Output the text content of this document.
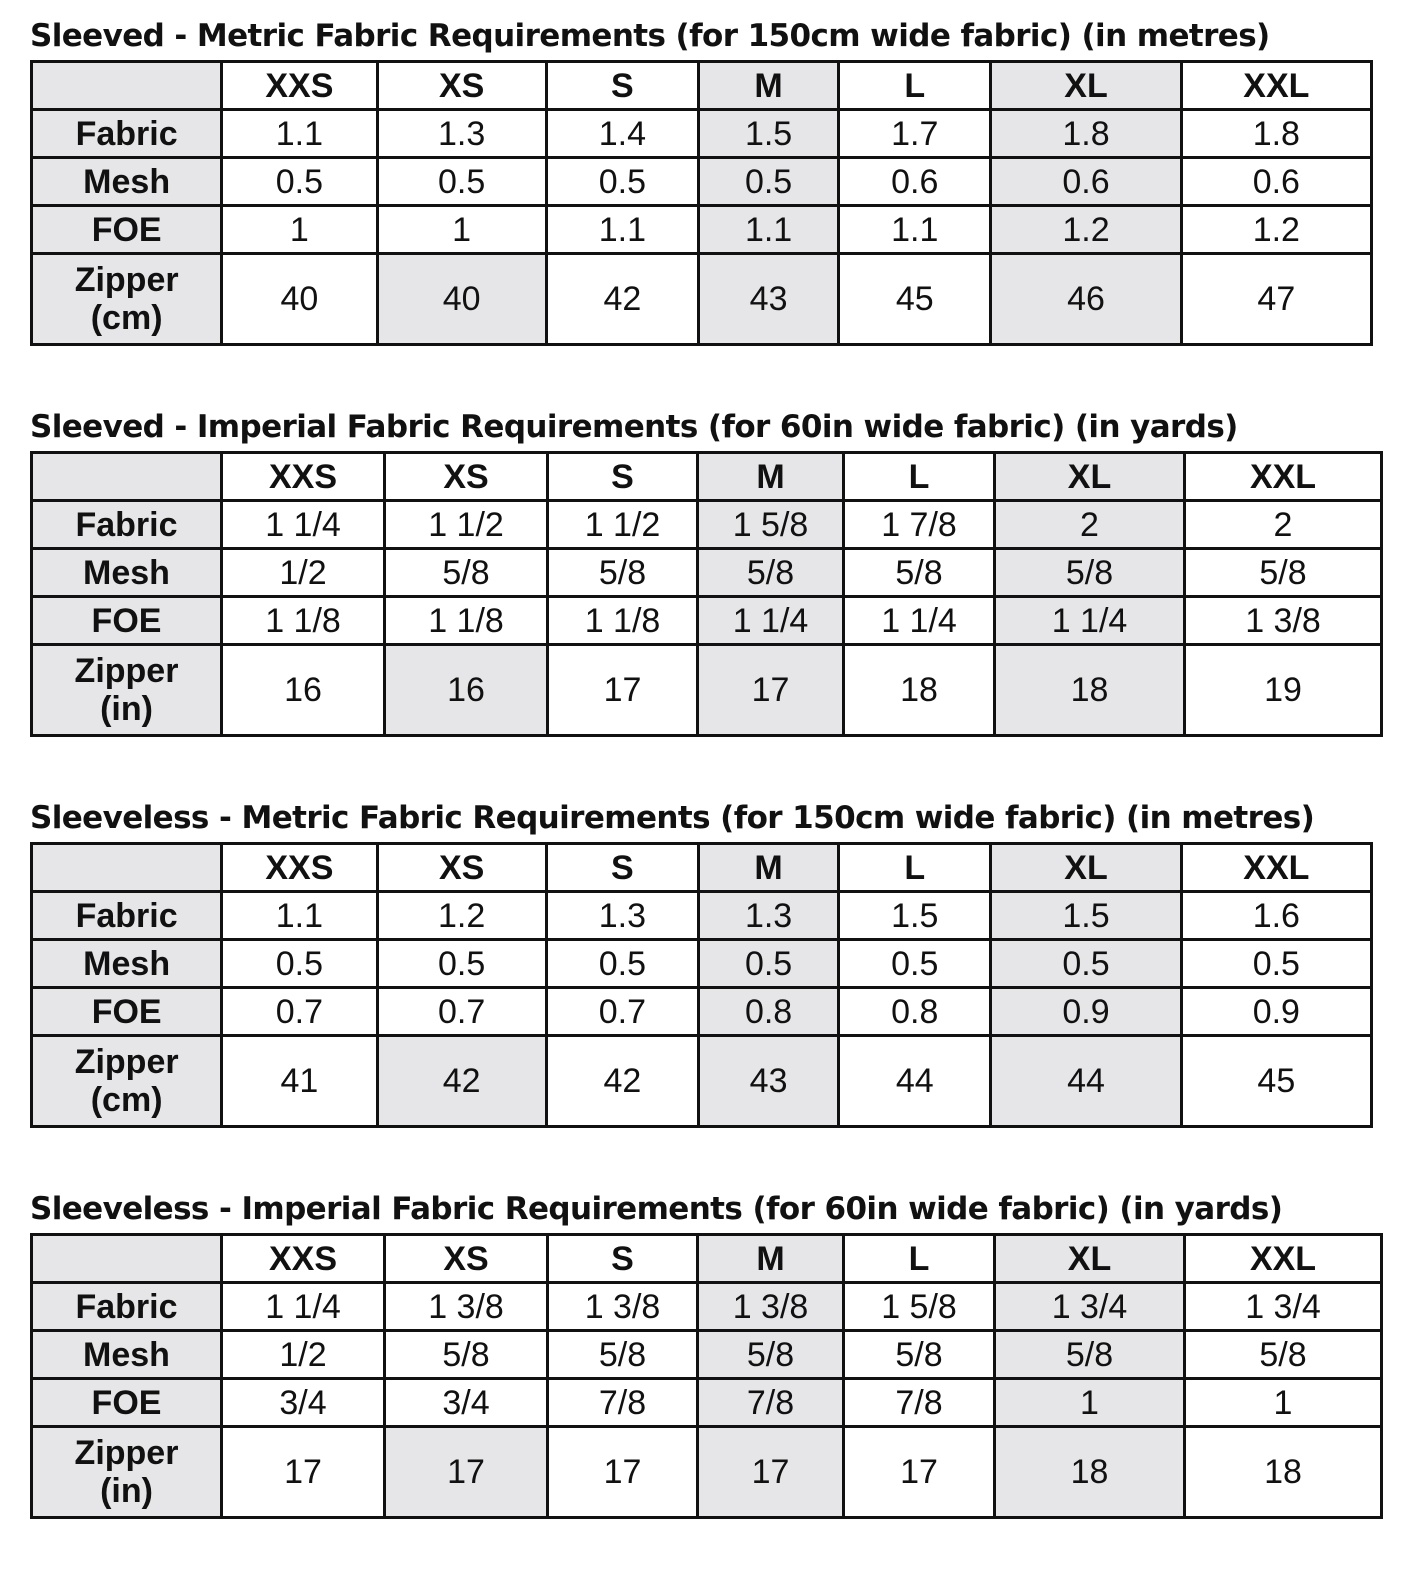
Sleeved - Metric Fabric Requirements (for 150cm wide fabric) (in metres)
	XXS	XS	S	M	L	XL	XXL
Fabric	1.1	1.3	1.4	1.5	1.7	1.8	1.8
Mesh	0.5	0.5	0.5	0.5	0.6	0.6	0.6
FOE	1	1	1.1	1.1	1.1	1.2	1.2
Zipper
(cm)	40	40	42	43	45	46	47
Sleeved - Imperial Fabric Requirements (for 60in wide fabric) (in yards)
	XXS	XS	S	M	L	XL	XXL
Fabric	1 1/4	1 1/2	1 1/2	1 5/8	1 7/8	2	2
Mesh	1/2	5/8	5/8	5/8	5/8	5/8	5/8
FOE	1 1/8	1 1/8	1 1/8	1 1/4	1 1/4	1 1/4	1 3/8
Zipper
(in)	16	16	17	17	18	18	19
Sleeveless - Metric Fabric Requirements (for 150cm wide fabric) (in metres)
	XXS	XS	S	M	L	XL	XXL
Fabric	1.1	1.2	1.3	1.3	1.5	1.5	1.6
Mesh	0.5	0.5	0.5	0.5	0.5	0.5	0.5
FOE	0.7	0.7	0.7	0.8	0.8	0.9	0.9
Zipper
(cm)	41	42	42	43	44	44	45
Sleeveless - Imperial Fabric Requirements (for 60in wide fabric) (in yards)
	XXS	XS	S	M	L	XL	XXL
Fabric	1 1/4	1 3/8	1 3/8	1 3/8	1 5/8	1 3/4	1 3/4
Mesh	1/2	5/8	5/8	5/8	5/8	5/8	5/8
FOE	3/4	3/4	7/8	7/8	7/8	1	1
Zipper
(in)	17	17	17	17	17	18	18
